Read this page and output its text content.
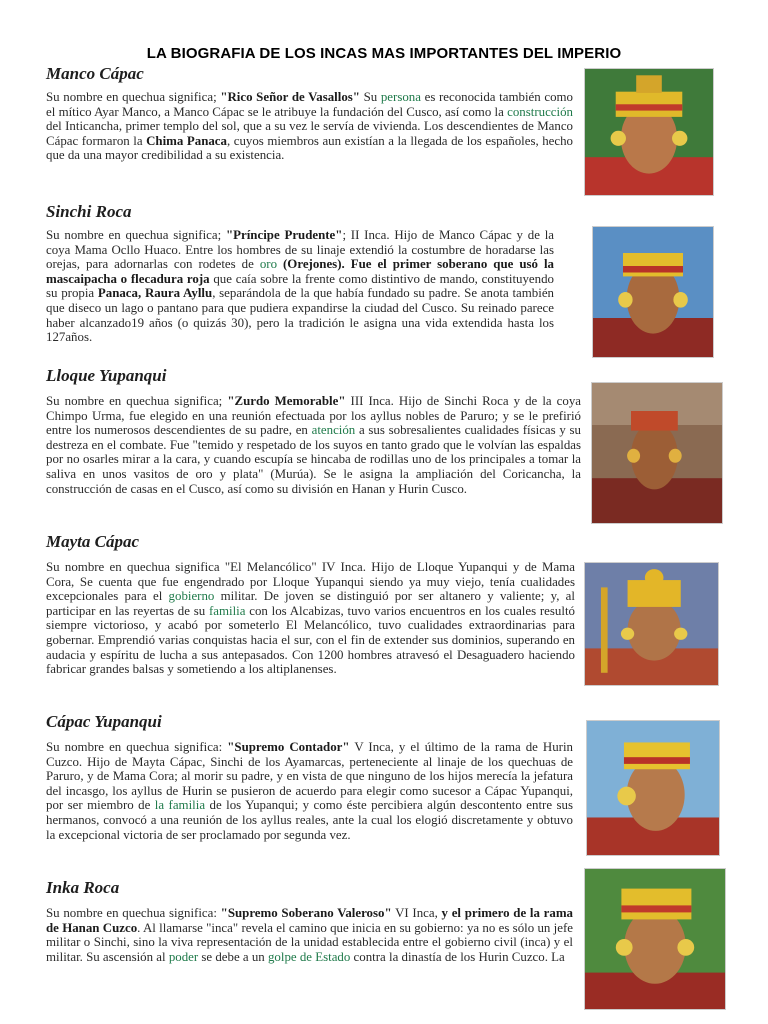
LA BIOGRAFIA DE LOS INCAS MAS IMPORTANTES DEL IMPERIO
Manco Cápac
Su nombre en quechua significa; "Rico Señor de Vasallos" Su persona es reconocida también como el mítico Ayar Manco, a Manco Cápac se le atribuye la fundación del Cusco, así como la construcción del Inticancha, primer templo del sol, que a su vez le servía de vivienda. Los descendientes de Manco Cápac formaron la Chima Panaca, cuyos miembros aun existían a la llegada de los españoles, hecho que da una mayor credibilidad a su existencia.
Sinchi Roca
Su nombre en quechua significa; "Príncipe Prudente"; II Inca. Hijo de Manco Cápac y de la coya Mama Ocllo Huaco. Entre los hombres de su linaje extendió la costumbre de horadarse las orejas, para adornarlas con rodetes de oro (Orejones). Fue el primer soberano que usó la mascaipacha o flecadura roja que caía sobre la frente como distintivo de mando, constituyendo su propia Panaca, Raura Ayllu, separándola de la que había fundado su padre. Se anota también que diseco un lago o pantano para que pudiera expandirse la ciudad del Cusco. Su reinado parece haber alcanzado19 años (o quizás 30), pero la tradición le asigna una vida extendida hasta los 127años.
Lloque Yupanqui
Su nombre en quechua significa; "Zurdo Memorable" III Inca. Hijo de Sinchi Roca y de la coya Chimpo Urma, fue elegido en una reunión efectuada por los ayllus nobles de Paruro; y se le prefirió entre los numerosos descendientes de su padre, en atención a sus sobresalientes cualidades físicas y su destreza en el combate. Fue "temido y respetado de los suyos en tanto grado que le volvían las espaldas por no osarles mirar a la cara, y cuando escupía se hincaba de rodillas uno de los principales a tomar la saliva en unos vasitos de oro y plata" (Murúa). Se le asigna la ampliación del Coricancha, la construcción de casas en el Cusco, así como su división en Hanan y Hurin Cusco.
Mayta Cápac
Su nombre en quechua significa "El Melancólico" IV Inca. Hijo de Lloque Yupanqui y de Mama Cora, Se cuenta que fue engendrado por Lloque Yupanqui siendo ya muy viejo, tenía cualidades excepcionales para el gobierno militar. De joven se distinguió por ser altanero y valiente; y, al participar en las reyertas de su familia con los Alcabizas, tuvo varios encuentros en los cuales resultó siempre victorioso, y acabó por someterlo El Melancólico, tuvo cualidades extraordinarias para gobernar. Emprendió varias conquistas hacia el sur, con el fin de extender sus dominios, superando en audacia y espíritu de lucha a sus antepasados. Con 1200 hombres atravesó el Desaguadero haciendo fabricar grandes balsas y sometiendo a los altiplanenses.
Cápac Yupanqui
Su nombre en quechua significa: "Supremo Contador" V Inca, y el último de la rama de Hurin Cuzco. Hijo de Mayta Cápac, Sinchi de los Ayamarcas, perteneciente al linaje de los quechuas de Paruro, y de Mama Cora; al morir su padre, y en vista de que ninguno de los hijos merecía la jefatura del incasgo, los ayllus de Hurin se pusieron de acuerdo para elegir como sucesor a Cápac Yupanqui, por ser miembro de la familia de los Yupanqui; y como éste percibiera algún descontento entre sus hermanos, convocó a una reunión de los ayllus reales, ante la cual los elogió discretamente y obtuvo la excepcional victoria de ser proclamado por segunda vez.
Inka Roca
Su nombre en quechua significa: "Supremo Soberano Valeroso" VI Inca, y el primero de la rama de Hanan Cuzco. Al llamarse "inca" revela el camino que inicia en su gobierno: ya no es sólo un jefe militar o Sinchi, sino la viva representación de la unidad establecida entre el gobierno civil (inca) y el militar. Su ascensión al poder se debe a un golpe de Estado contra la dinastía de los Hurin Cuzco. La
